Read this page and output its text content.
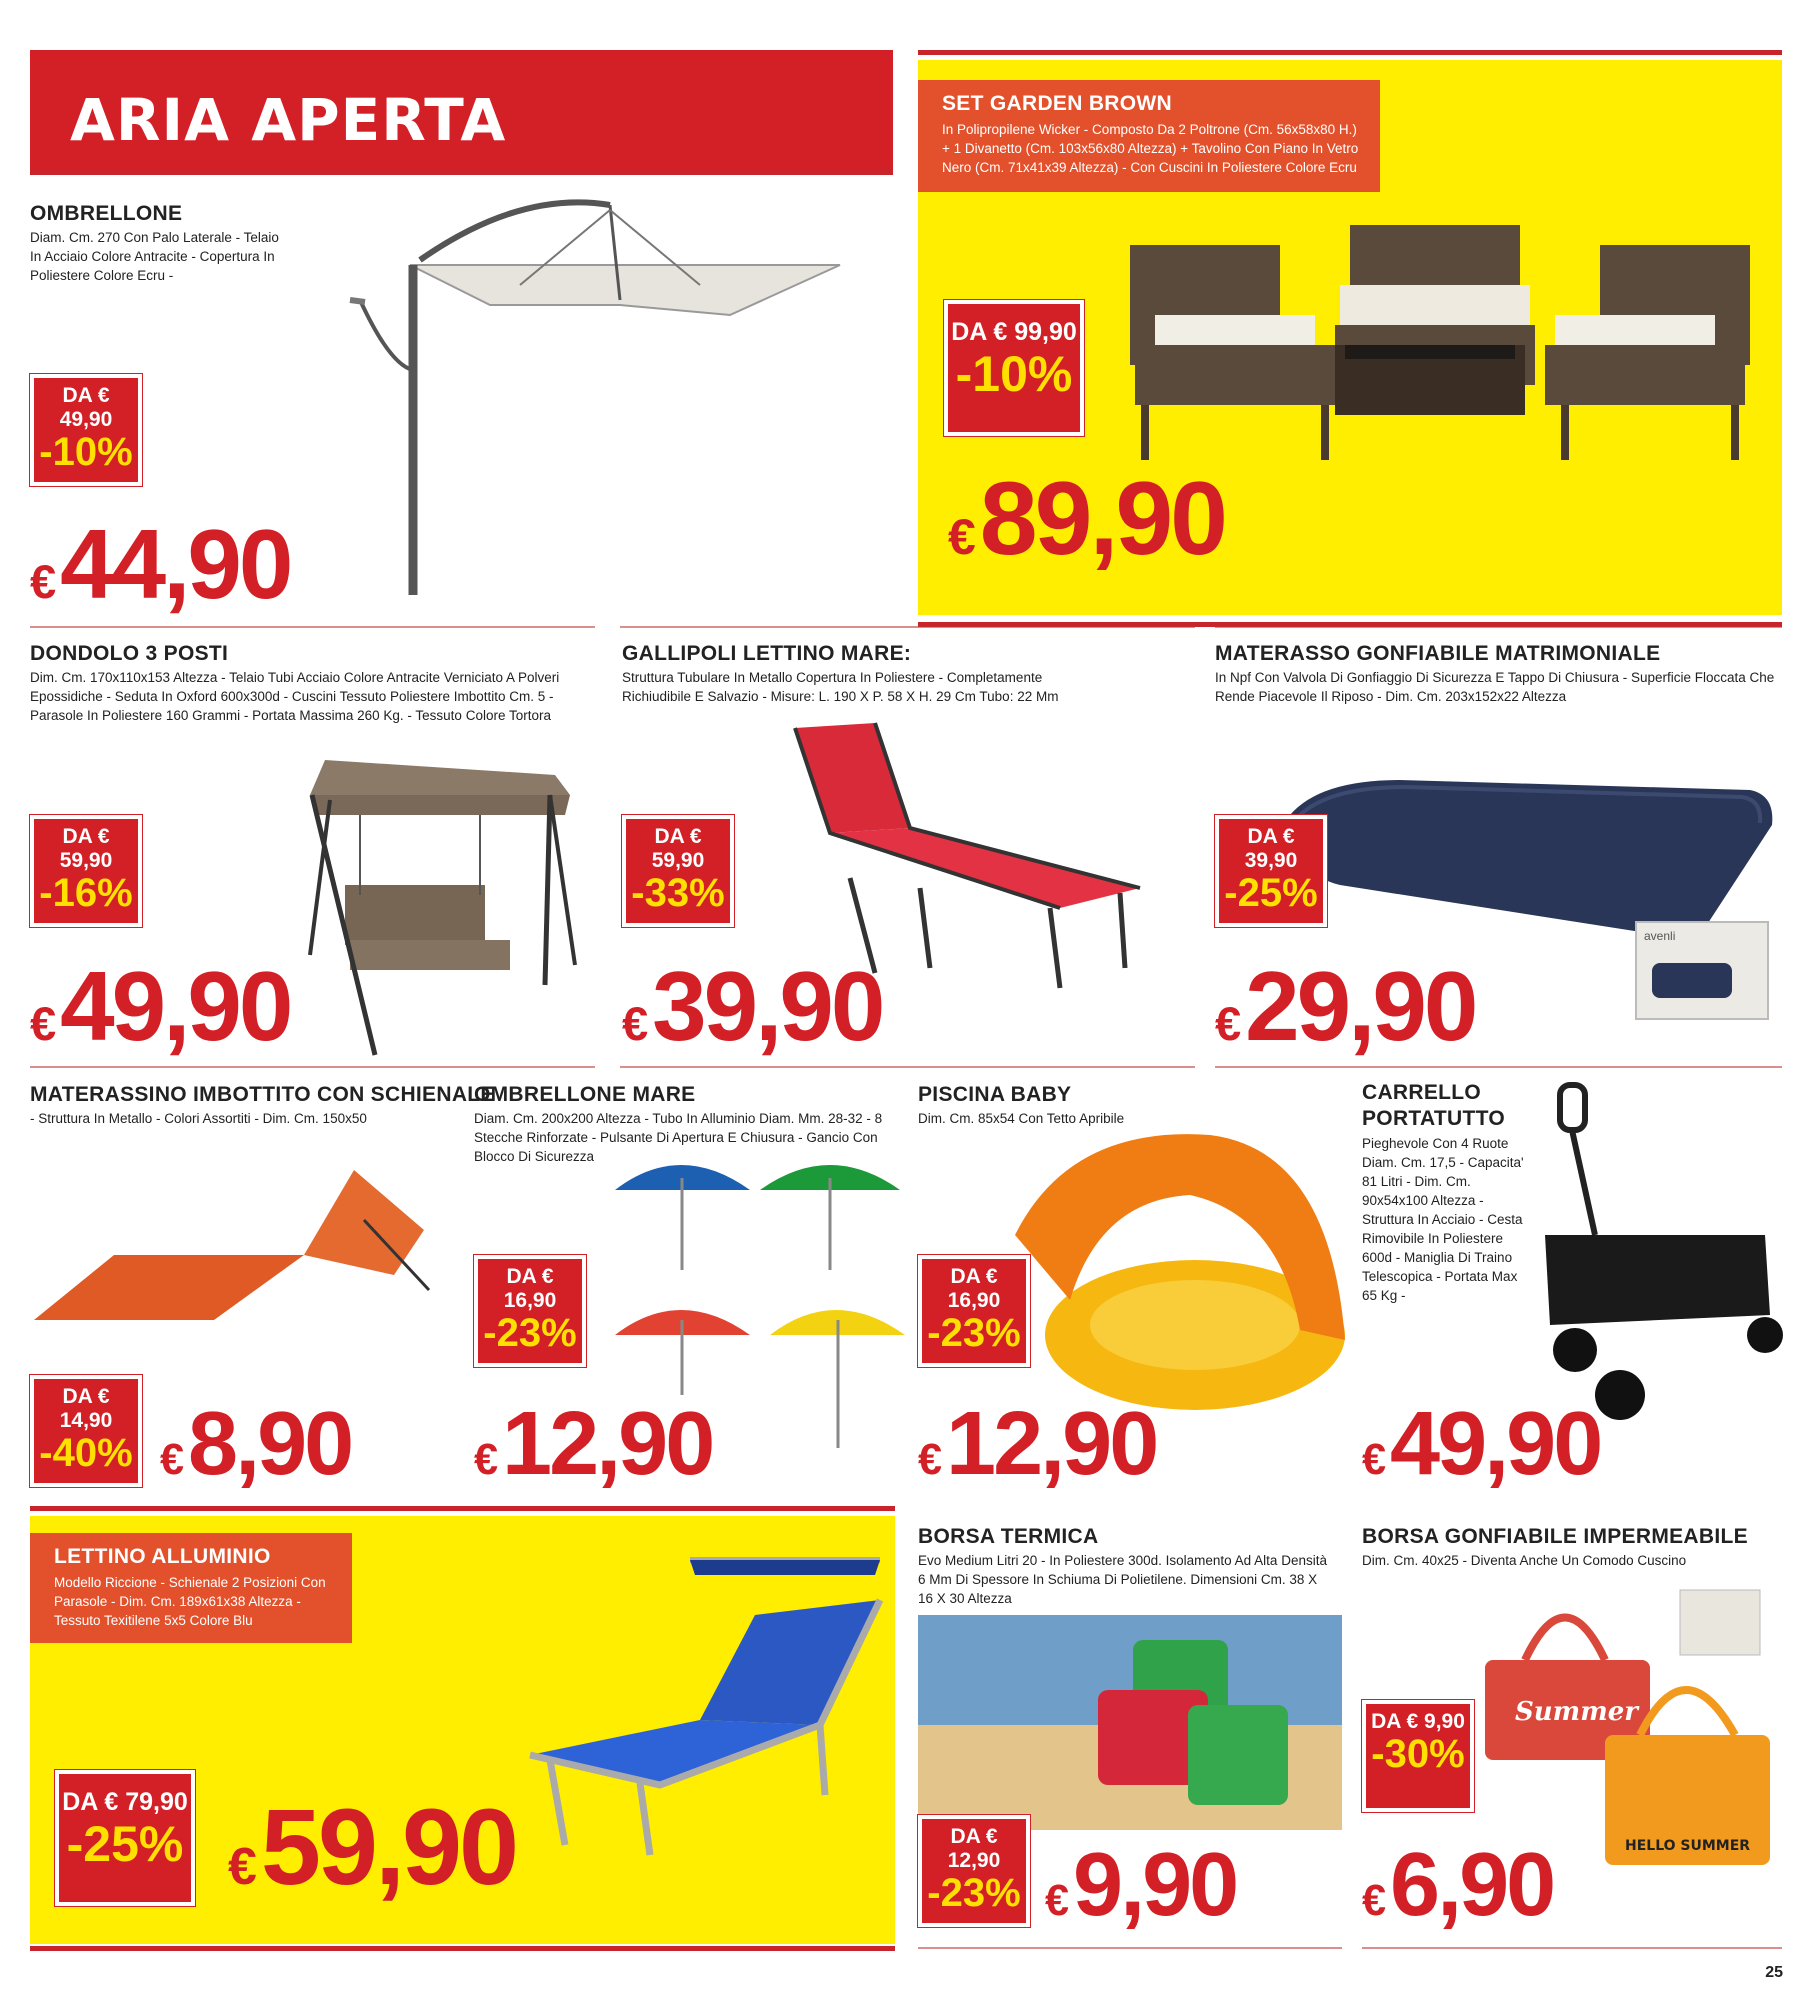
ARIA APERTA
OMBRELLONE
Diam. Cm. 270 Con Palo Laterale - Telaio In Acciaio Colore Antracite - Copertura In Poliestere Colore Ecru -
DA € 49,90
-10%
€44,90
SET GARDEN BROWN
In Polipropilene Wicker - Composto Da 2 Poltrone (Cm. 56x58x80 H.) + 1 Divanetto (Cm. 103x56x80 Altezza) + Tavolino Con Piano In Vetro Nero (Cm. 71x41x39 Altezza) - Con Cuscini In Poliestere Colore Ecru
DA € 99,90
-10%
€89,90
DONDOLO 3 POSTI
Dim. Cm. 170x110x153 Altezza - Telaio Tubi Acciaio Colore Antracite Verniciato A Polveri Epossidiche - Seduta In Oxford 600x300d - Cuscini Tessuto Poliestere Imbottito Cm. 5 - Parasole In Poliestere 160 Grammi - Portata Massima 260 Kg. - Tessuto Colore Tortora
DA € 59,90
-16%
€49,90
GALLIPOLI LETTINO MARE:
Struttura Tubulare In Metallo Copertura In Poliestere - Completamente Richiudibile E Salvazio - Misure: L. 190 X P. 58 X H. 29 Cm Tubo: 22 Mm
DA € 59,90
-33%
€39,90
MATERASSO GONFIABILE MATRIMONIALE
In Npf Con Valvola Di Gonfiaggio Di Sicurezza E Tappo Di Chiusura - Superficie Floccata Che Rende Piacevole Il Riposo - Dim. Cm. 203x152x22 Altezza
avenli
DA € 39,90
-25%
€29,90
MATERASSINO IMBOTTITO CON SCHIENALE
- Struttura In Metallo - Colori Assortiti - Dim. Cm. 150x50
DA € 14,90
-40% €8,90
OMBRELLONE MARE
Diam. Cm. 200x200 Altezza - Tubo In Alluminio Diam. Mm. 28-32 - 8 Stecche Rinforzate - Pulsante Di Apertura E Chiusura - Gancio Con Blocco Di Sicurezza
DA € 16,90
-23%
€12,90
PISCINA BABY
Dim. Cm. 85x54 Con Tetto Apribile
DA € 16,90
-23%
€12,90
CARRELLO
PORTATUTTO
Pieghevole Con 4 Ruote Diam. Cm. 17,5 - Capacita' 81 Litri - Dim. Cm. 90x54x100 Altezza - Struttura In Acciaio - Cesta Rimovibile In Poliestere 600d - Maniglia Di Traino Telescopica - Portata Max 65 Kg -
€49,90
LETTINO ALLUMINIO
Modello Riccione - Schienale 2 Posizioni Con Parasole - Dim. Cm. 189x61x38 Altezza - Tessuto Texitilene 5x5 Colore Blu
DA € 79,90
-25% €59,90
BORSA TERMICA
Evo Medium Litri 20 - In Poliestere 300d. Isolamento Ad Alta Densità 6 Mm Di Spessore In Schiuma Di Polietilene. Dimensioni Cm. 38 X 16 X 30 Altezza
DA € 12,90
-23% €9,90
BORSA GONFIABILE IMPERMEABILE
Dim. Cm. 40x25 - Diventa Anche Un Comodo Cuscino
Summer
HELLO SUMMER
DA € 9,90
-30%
€6,90
25
